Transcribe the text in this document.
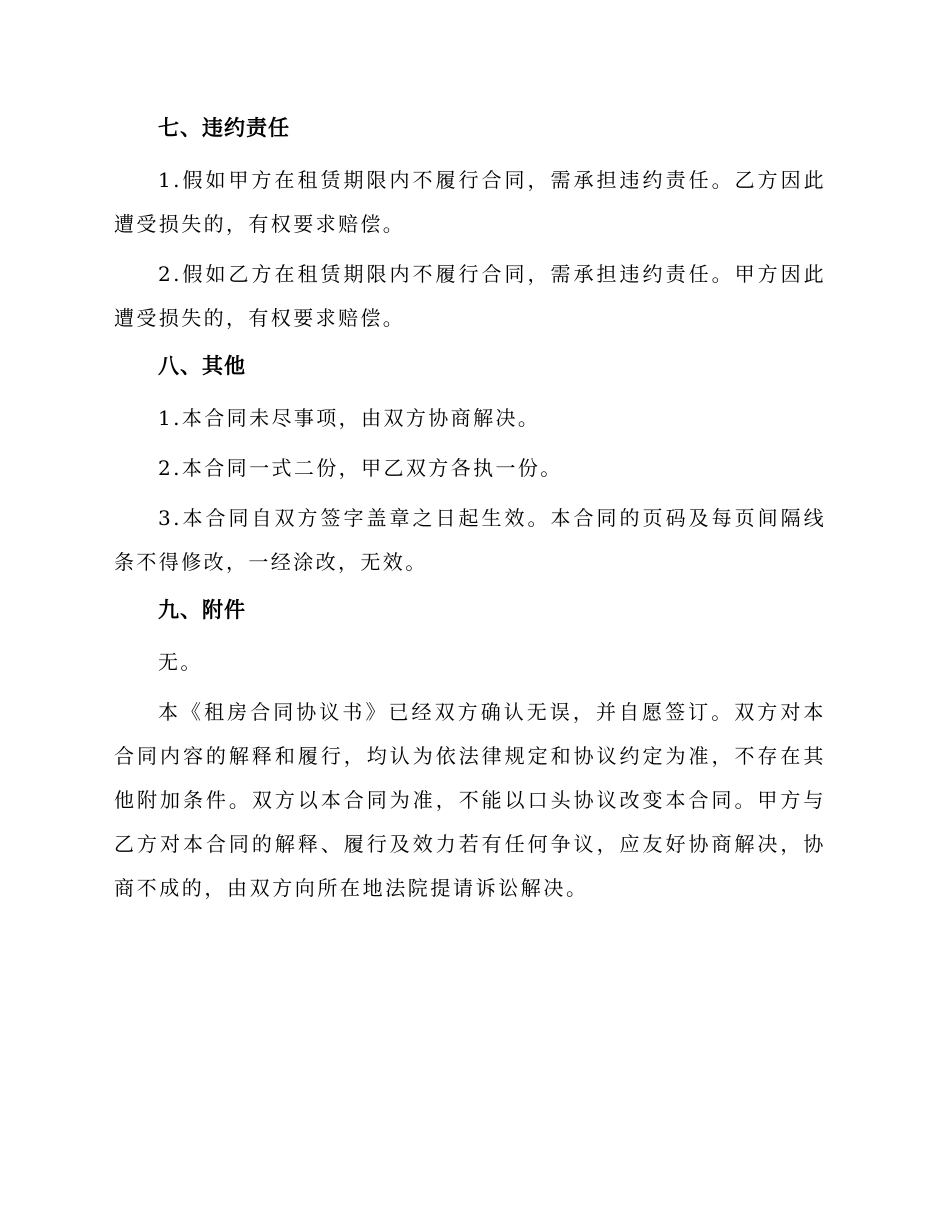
七、违约责任

1.假如甲方在租赁期限内不履行合同，需承担违约责任。乙方因此遭受损失的，有权要求赔偿。

2.假如乙方在租赁期限内不履行合同，需承担违约责任。甲方因此遭受损失的，有权要求赔偿。

八、其他

1.本合同未尽事项，由双方协商解决。

2.本合同一式二份，甲乙双方各执一份。

3.本合同自双方签字盖章之日起生效。本合同的页码及每页间隔线条不得修改，一经涂改，无效。

九、附件

无。

本《租房合同协议书》已经双方确认无误，并自愿签订。双方对本合同内容的解释和履行，均认为依法律规定和协议约定为准，不存在其他附加条件。双方以本合同为准，不能以口头协议改变本合同。甲方与乙方对本合同的解释、履行及效力若有任何争议，应友好协商解决，协商不成的，由双方向所在地法院提请诉讼解决。
